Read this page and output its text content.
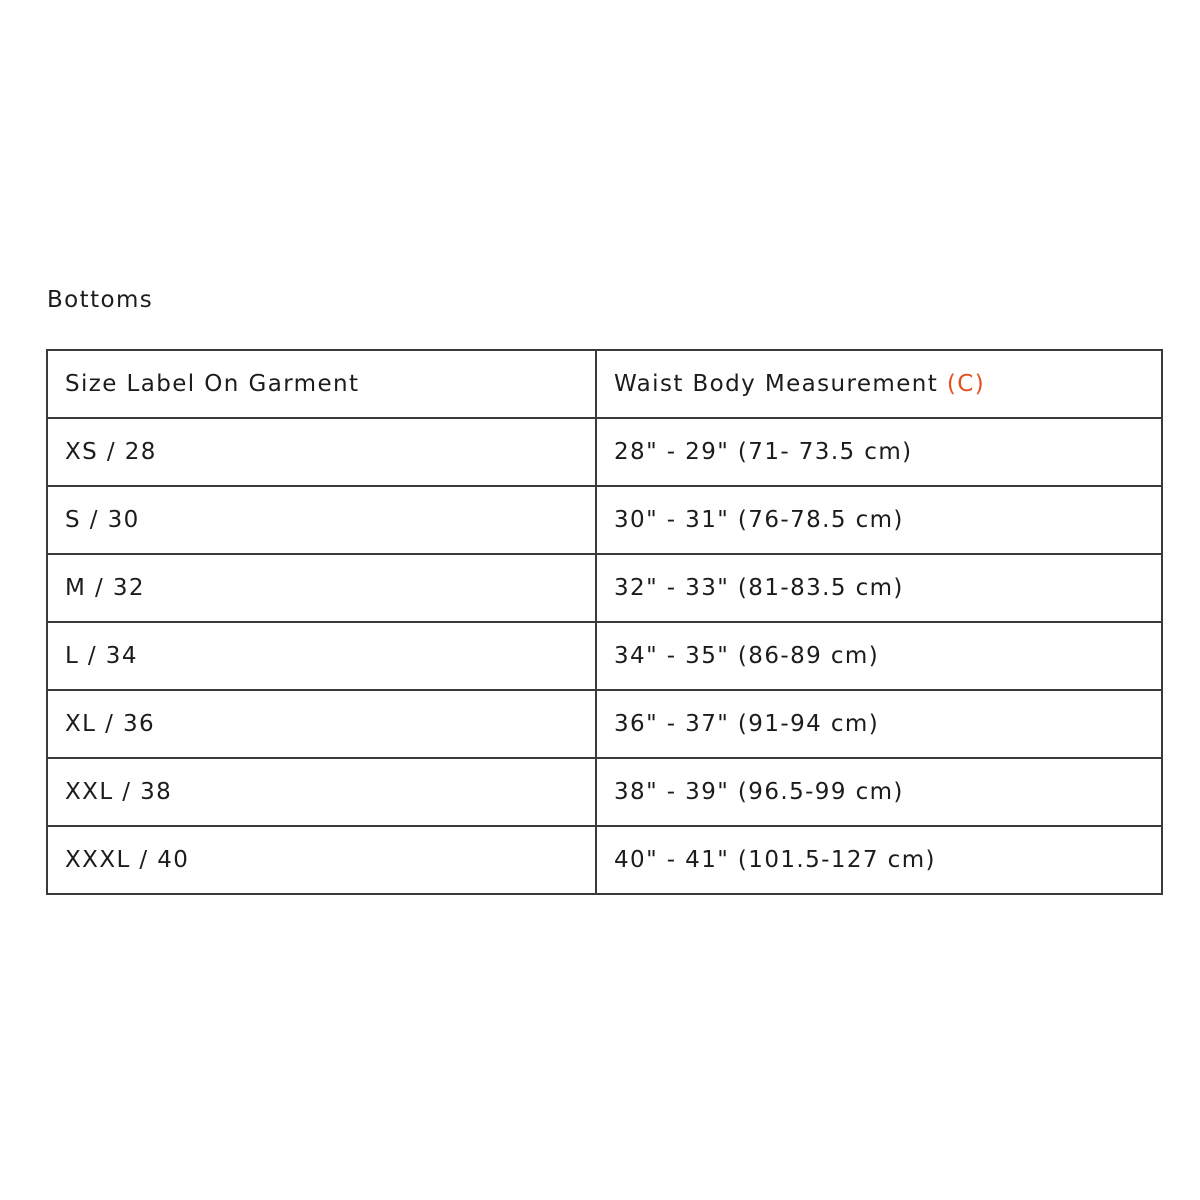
Bottoms
Size Label On Garment	Waist Body Measurement (C)
XS / 28	28" - 29" (71- 73.5 cm)
S / 30	30" - 31" (76-78.5 cm)
M / 32	32" - 33" (81-83.5 cm)
L / 34	34" - 35" (86-89 cm)
XL / 36	36" - 37" (91-94 cm)
XXL / 38	38" - 39" (96.5-99 cm)
XXXL / 40	40" - 41" (101.5-127 cm)
